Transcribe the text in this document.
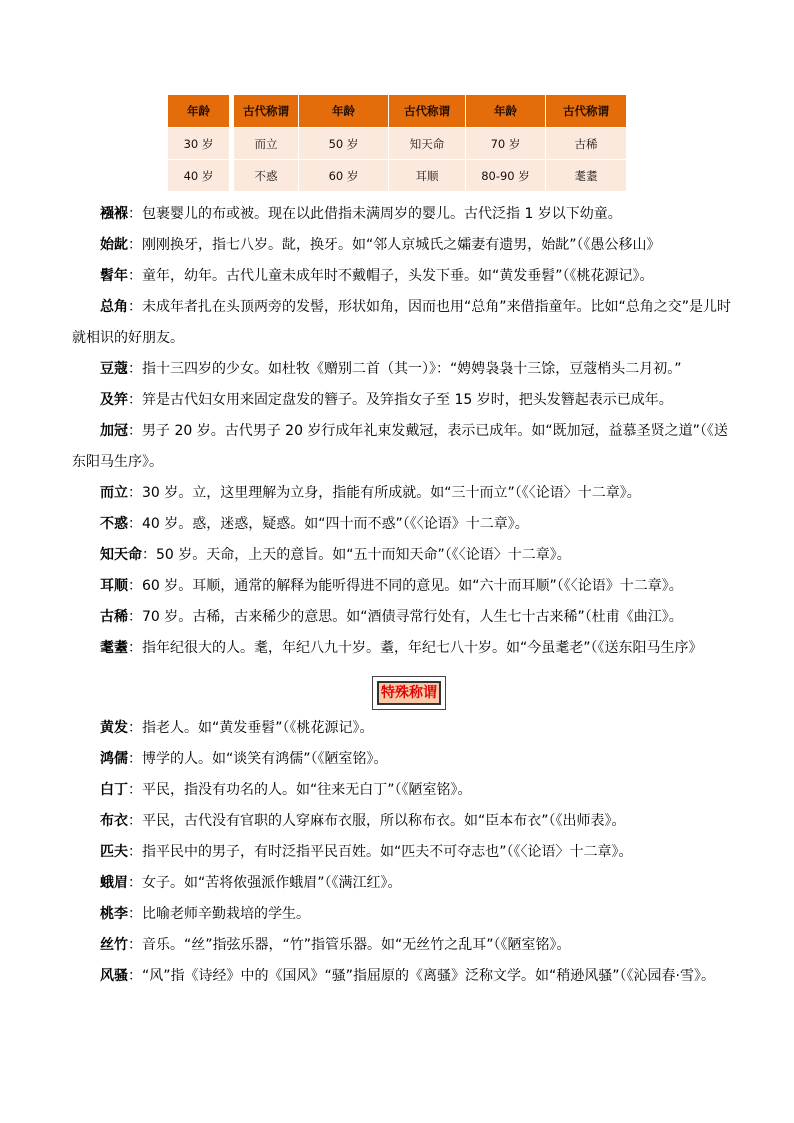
年龄
30 岁
40 岁
古代称谓
而立
不惑
年龄
50 岁
60 岁
古代称谓
知天命
耳顺
年龄
70 岁
80-90 岁
古代称谓
古稀
耄耋

襁褓：包裹婴儿的布或被。现在以此借指未满周岁的婴儿。古代泛指 1 岁以下幼童。

始龀：刚刚换牙，指七八岁。龀，换牙。如“邻人京城氏之孀妻有遗男，始龀”（《愚公移山》

髫年：童年，幼年。古代儿童未成年时不戴帽子，头发下垂。如“黄发垂髫”（《桃花源记》。

总角：未成年者扎在头顶两旁的发髻，形状如角，因而也用“总角”来借指童年。比如“总角之交”是儿时就相识的好朋友。

豆蔻：指十三四岁的少女。如杜牧《赠别二首（其一）》：“娉娉袅袅十三馀，豆蔻梢头二月初。”

及笄：笄是古代妇女用来固定盘发的簪子。及笄指女子至 15 岁时，把头发簪起表示已成年。

加冠：男子 20 岁。古代男子 20 岁行成年礼束发戴冠，表示已成年。如“既加冠，益慕圣贤之道”（《送东阳马生序》。

而立：30 岁。立，这里理解为立身，指能有所成就。如“三十而立”（《〈论语〉十二章》。

不惑：40 岁。惑，迷惑，疑惑。如“四十而不惑”（《〈论语》十二章》。

知天命：50 岁。天命，上天的意旨。如“五十而知天命”（《〈论语〉十二章》。

耳顺：60 岁。耳顺，通常的解释为能听得进不同的意见。如“六十而耳顺”（《〈论语》十二章》。

古稀：70 岁。古稀，古来稀少的意思。如“酒债寻常行处有，人生七十古来稀”（杜甫《曲江》。

耄耋：指年纪很大的人。耄，年纪八九十岁。耋，年纪七八十岁。如“今虽耄老”（《送东阳马生序》

特殊称谓

黄发：指老人。如“黄发垂髫”（《桃花源记》。

鸿儒：博学的人。如“谈笑有鸿儒”（《陋室铭》。

白丁：平民，指没有功名的人。如“往来无白丁”（《陋室铭》。

布衣：平民，古代没有官职的人穿麻布衣服，所以称布衣。如“臣本布衣”（《出师表》。

匹夫：指平民中的男子，有时泛指平民百姓。如“匹夫不可夺志也”（《〈论语〉十二章》。

蛾眉：女子。如“苦将侬强派作蛾眉”（《满江红》。

桃李：比喻老师辛勤栽培的学生。

丝竹：音乐。“丝”指弦乐器，“竹”指管乐器。如“无丝竹之乱耳”（《陋室铭》。

风骚：“风”指《诗经》中的《国风》“骚”指屈原的《离骚》泛称文学。如“稍逊风骚”（《沁园春·雪》。
